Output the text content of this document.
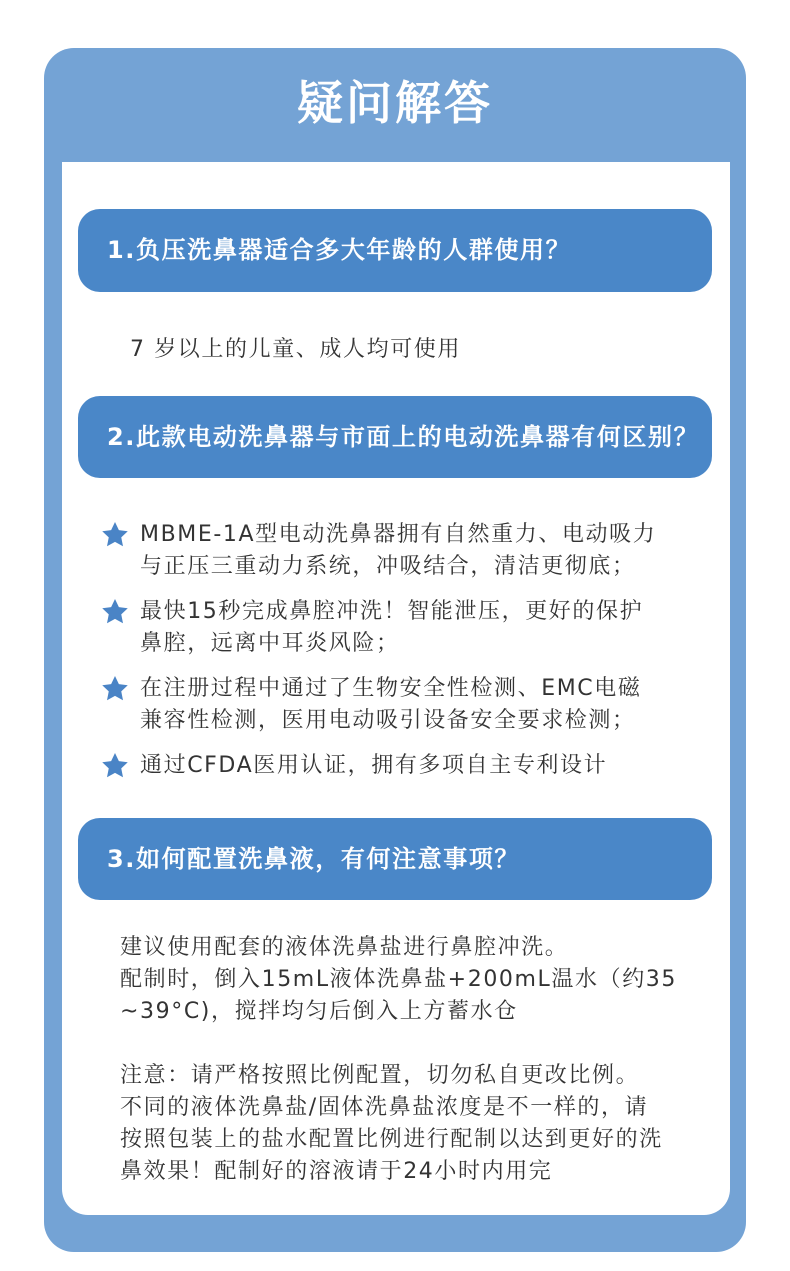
疑问解答
1.负压洗鼻器适合多大年龄的人群使用？
7 岁以上的儿童、成人均可使用
2.此款电动洗鼻器与市面上的电动洗鼻器有何区别？
MBME-1A型电动洗鼻器拥有自然重力、电动吸力
与正压三重动力系统，冲吸结合，清洁更彻底；
最快15秒完成鼻腔冲洗！智能泄压，更好的保护
鼻腔，远离中耳炎风险；
在注册过程中通过了生物安全性检测、EMC电磁
兼容性检测，医用电动吸引设备安全要求检测；
通过CFDA医用认证，拥有多项自主专利设计
3.如何配置洗鼻液，有何注意事项？
建议使用配套的液体洗鼻盐进行鼻腔冲洗。
配制时，倒入15mL液体洗鼻盐+200mL温水（约35
~39°C)，搅拌均匀后倒入上方蓄水仓
注意：请严格按照比例配置，切勿私自更改比例。
不同的液体洗鼻盐/固体洗鼻盐浓度是不一样的，请
按照包装上的盐水配置比例进行配制以达到更好的洗
鼻效果！配制好的溶液请于24小时内用完
